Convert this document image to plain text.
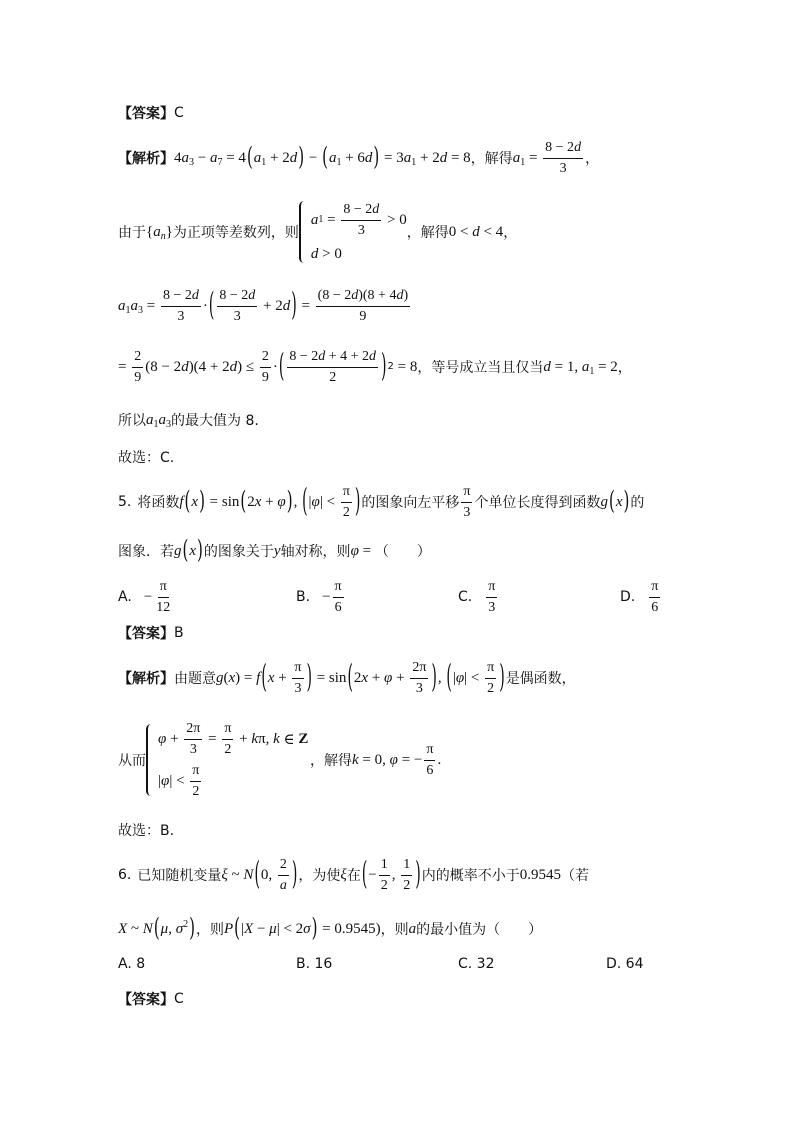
【答案】 C
【解析】 $4a_3 - a_7 = 4(a_1 + 2d) - (a_1 + 6d) = 3a_1 + 2d = 8$ ，解得 $a_1 = \frac{8 - 2d}{3}$ ，
由于 $\{a_n\}$ 为正项等差数列，则
a $1 = \frac{8 - 2d}{3} > 0$
d > 0
，解得 0 < d < 4 ，
$a_1a_3 = \frac{8 - 2d}{3}$ · ( $\frac{8 - 2d}{3} + 2d$ ) = $\frac{(8 - 2d)(8 + 4d)}{9}$
= $\frac{2}{9} (8 - 2d)(4 + 2d) \le \frac{2}{9}$ · ( $\frac{8 - 2d + 4 + 2d}{2}$ ) 2 = 8 ，等号成立当且仅当 d = 1, $a_1 = 2$ ，
所以 $a_1a_3$ 的最大值为 8.
故选：C.
5. 将函数 f(x) = sin(2x + φ), ( $|\varphi| < \frac{\pi}{2}$ ) 的图象向左平移 $\frac{\pi}{3}$ 个单位长度得到函数 g(x) 的
图象．若 g(x) 的图象关于 y 轴对称，则 φ = （　　）
A. − $\frac{\pi}{12}$	B. − $\frac{\pi}{6}$	C. $\frac{\pi}{3}$	D. $\frac{\pi}{6}$
【答案】 B
【解析】 由题意 g(x) = f ( $x + \frac{\pi}{3}$ ) = sin ( $2x + \varphi + \frac{2\pi}{3}$ ) , ( $|\varphi| < \frac{\pi}{2}$ ) 是偶函数，
从而
$\varphi + \frac{2\pi}{3} = \frac{\pi}{2} + k$ π, k ∈ Z
| φ | < $\frac{\pi}{2}$
，解得 k = 0, φ = − $\frac{\pi}{6}$ .
故选：B.
6. 已知随机变量 ξ ~ N ( 0, $\frac{2}{a}$ ) ，为使 ξ 在 ( − $\frac{1}{2}$ , $\frac{1}{2}$ ) 内的概率不小于 0.9545 （若
X ~ N(μ, $\sigma^2$) ，则 P(|X − μ| < 2σ) = 0.9545) ，则 a 的最小值为（　　）
A. 8	B. 16	C. 32	D. 64
【答案】 C
